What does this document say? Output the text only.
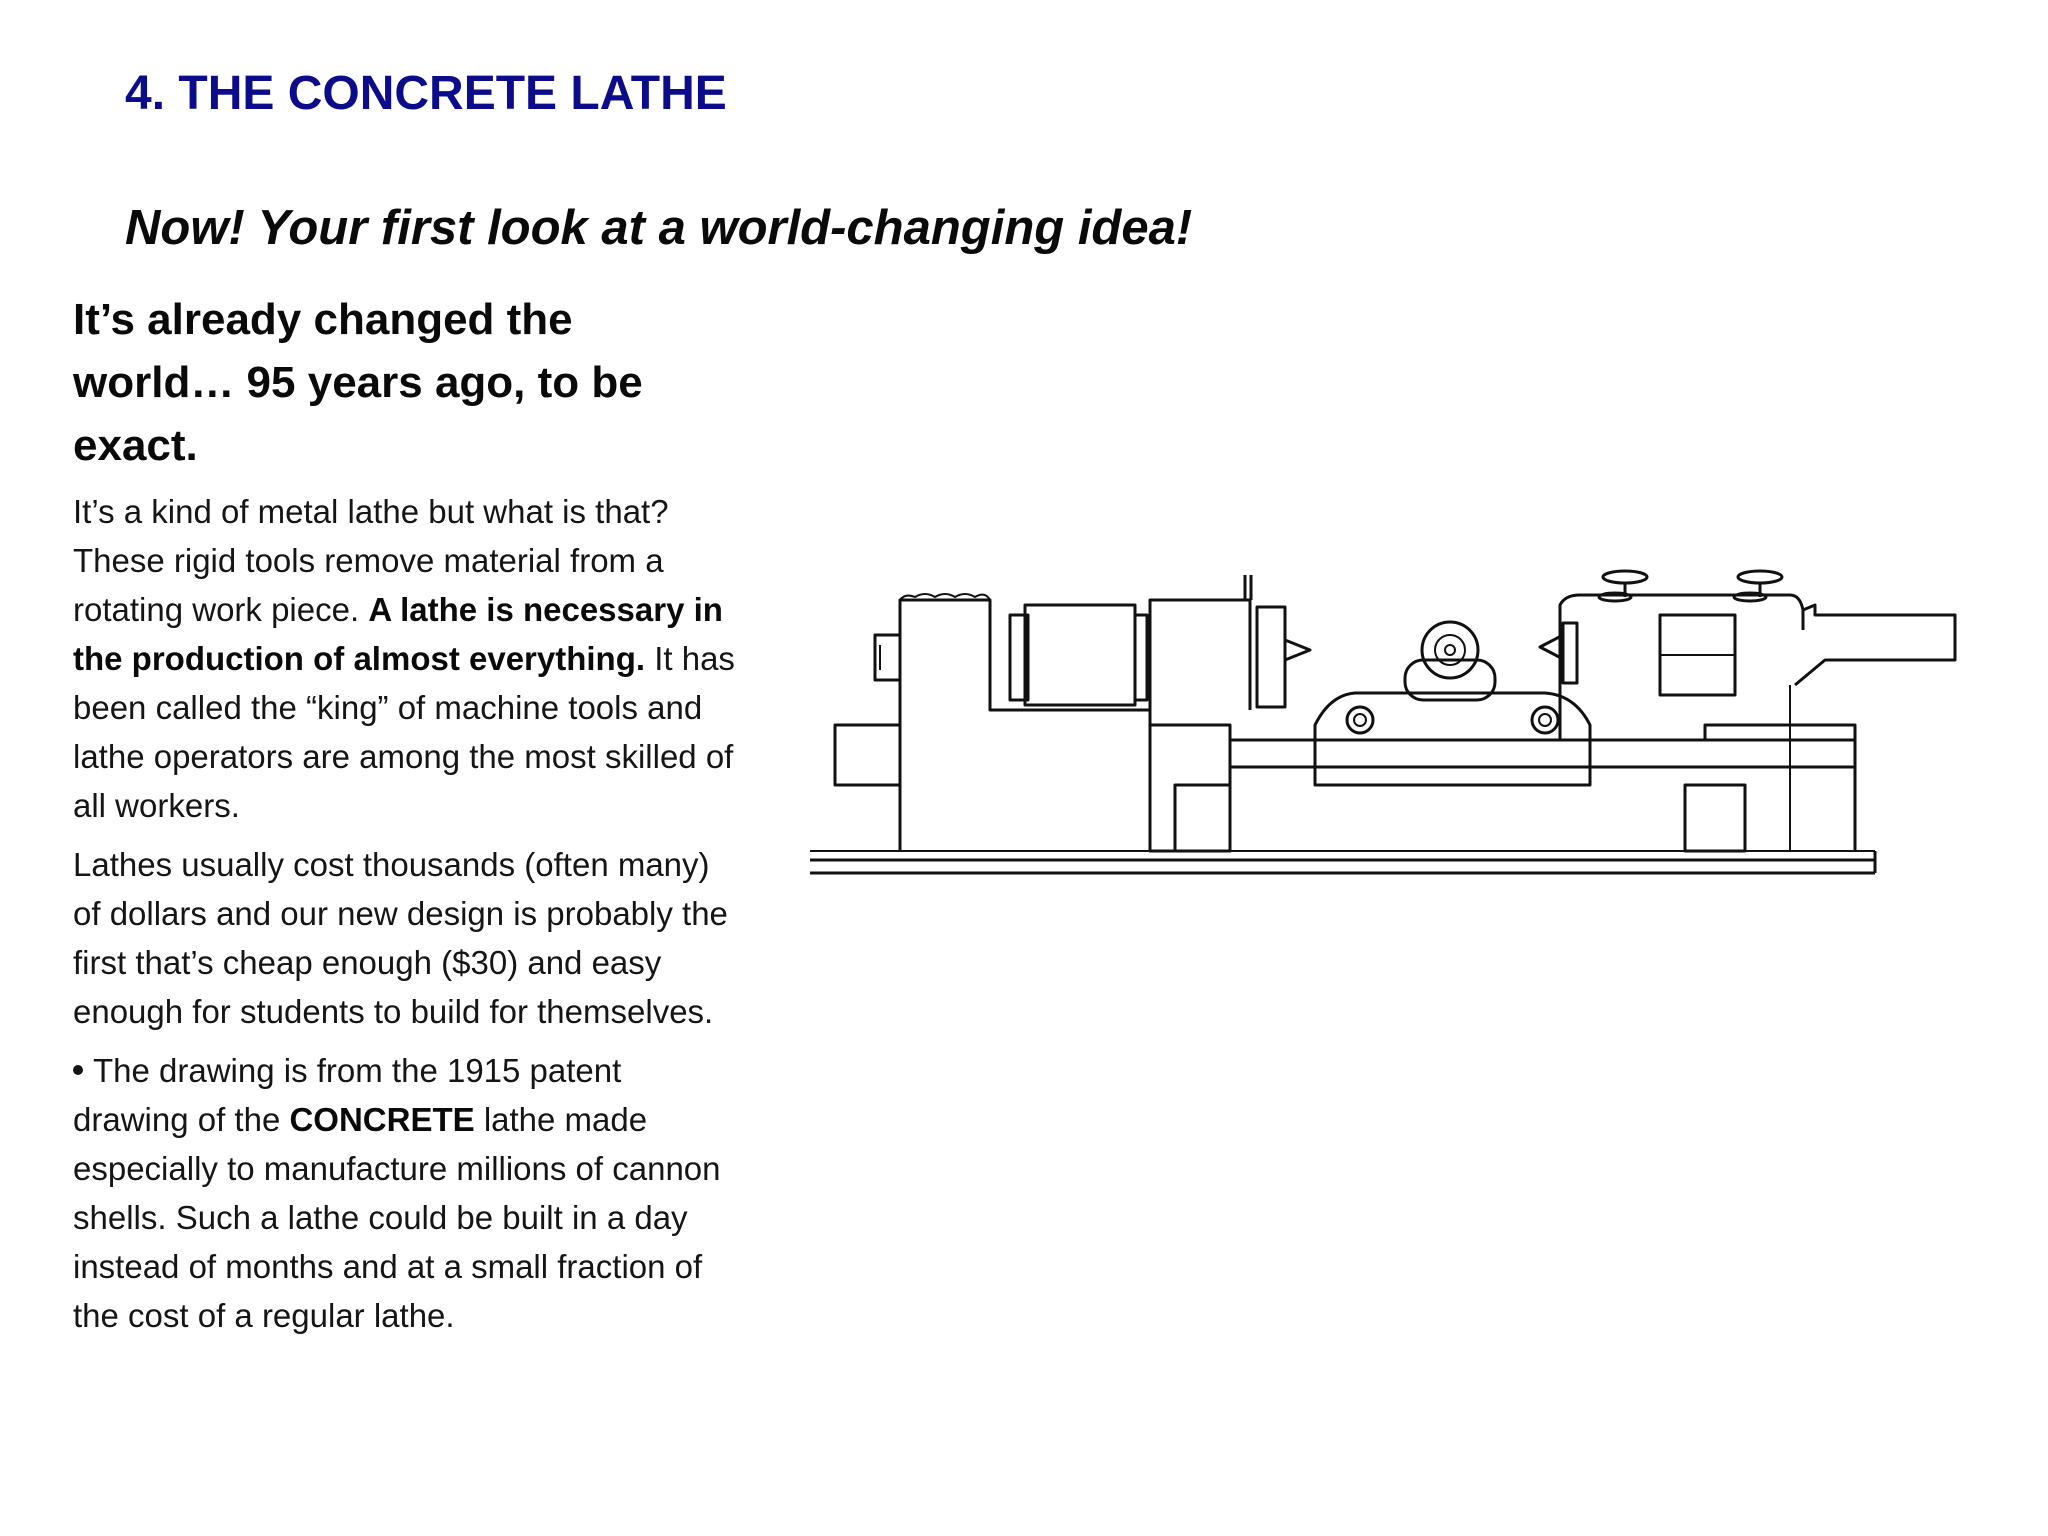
4. THE CONCRETE LATHE
Now! Your first look at a world-changing idea!

It’s already changed the world… 95 years ago, to be exact.

It’s a kind of metal lathe but what is that? These rigid tools remove material from a rotating work piece. A lathe is necessary in the production of almost everything. It has been called the “king” of machine tools and lathe operators are among the most skilled of all workers.

Lathes usually cost thousands (often many) of dollars and our new design is probably the first that’s cheap enough ($30) and easy enough for students to build for themselves.

The drawing is from the 1915 patent drawing of the CONCRETE lathe made especially to manufacture millions of cannon shells. Such a lathe could be built in a day instead of months and at a small fraction of the cost of a regular lathe.
